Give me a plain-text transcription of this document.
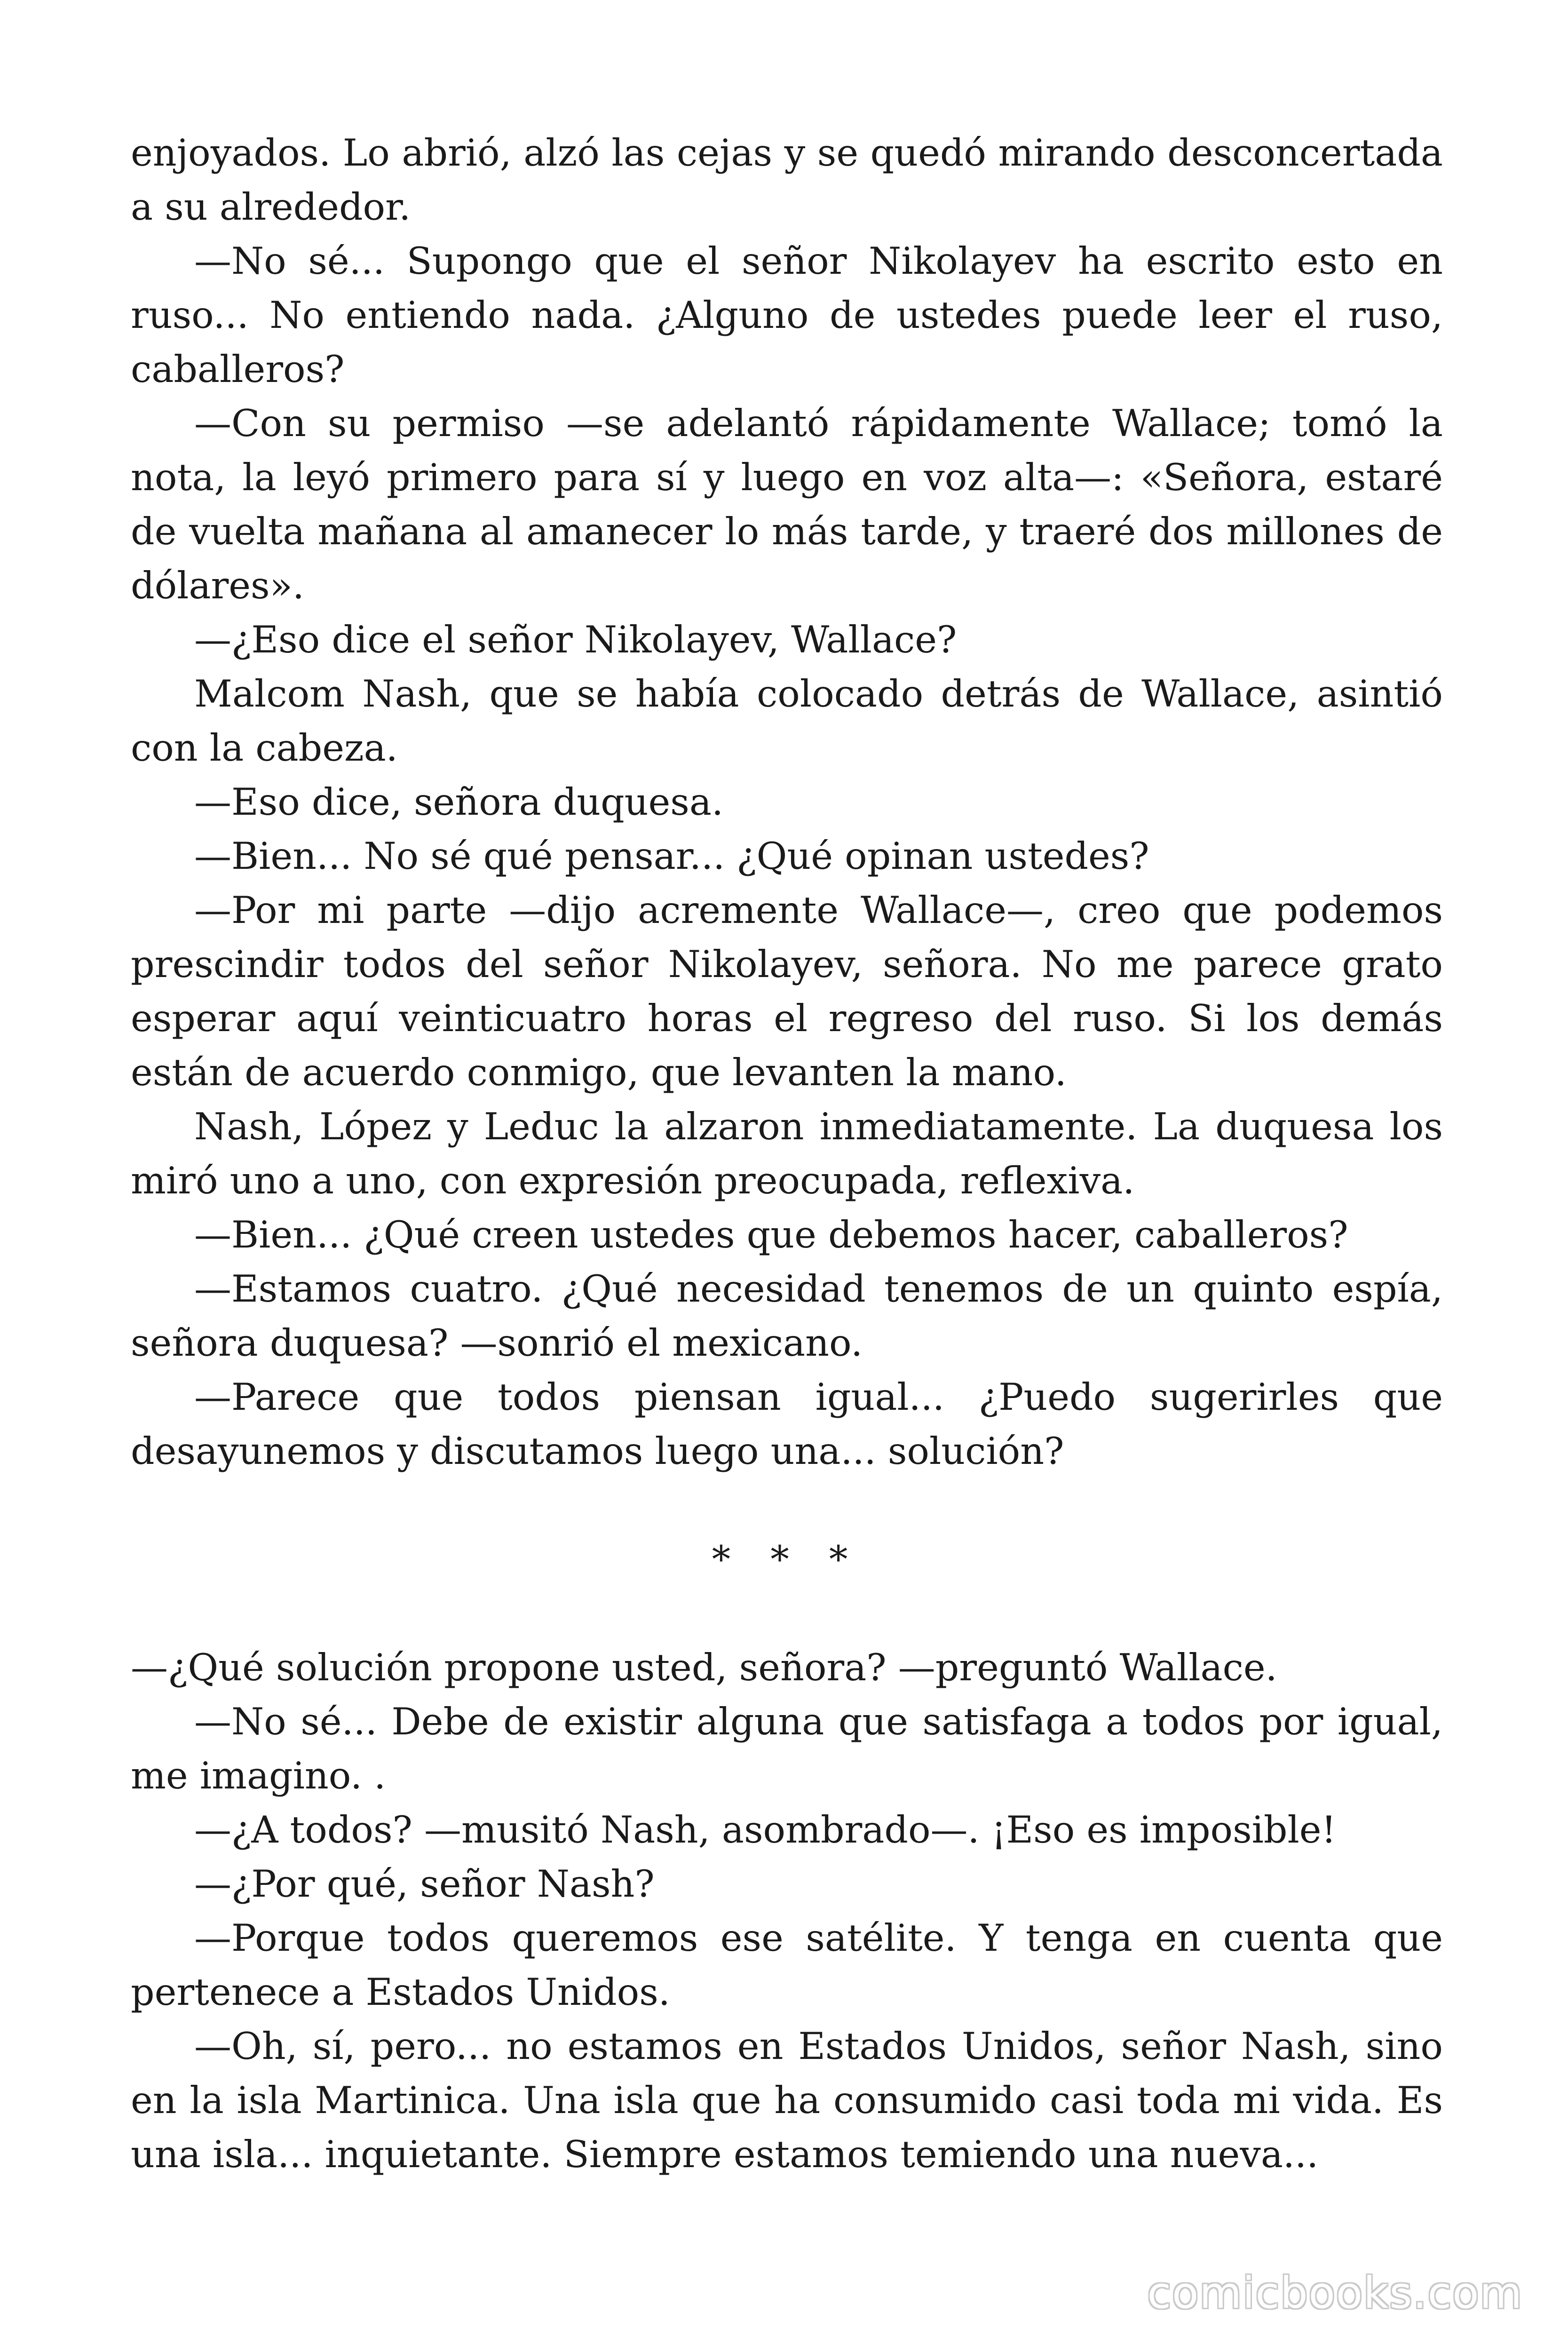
enjoyados. Lo abrió, alzó las cejas y se quedó mirando desconcertada a su alrededor.

—No sé... Supongo que el señor Nikolayev ha escrito esto en ruso... No entiendo nada. ¿Alguno de ustedes puede leer el ruso, caballeros?

—Con su permiso —se adelantó rápidamente Wallace; tomó la nota, la leyó primero para sí y luego en voz alta—: «Señora, estaré de vuelta mañana al amanecer lo más tarde, y traeré dos millones de dólares».

—¿Eso dice el señor Nikolayev, Wallace?

Malcom Nash, que se había colocado detrás de Wallace, asintió con la cabeza.

—Eso dice, señora duquesa.

—Bien... No sé qué pensar... ¿Qué opinan ustedes?

—Por mi parte —dijo acremente Wallace—, creo que podemos prescindir todos del señor Nikolayev, señora. No me parece grato esperar aquí veinticuatro horas el regreso del ruso. Si los demás están de acuerdo conmigo, que levanten la mano.

Nash, López y Leduc la alzaron inmediatamente. La duquesa los miró uno a uno, con expresión preocupada, reflexiva.

—Bien... ¿Qué creen ustedes que debemos hacer, caballeros?

—Estamos cuatro. ¿Qué necesidad tenemos de un quinto espía, señora duquesa? —sonrió el mexicano.

—Parece que todos piensan igual... ¿Puedo sugerirles que desayunemos y discutamos luego una... solución?

* * *

—¿Qué solución propone usted, señora? —preguntó Wallace.

—No sé... Debe de existir alguna que satisfaga a todos por igual, me imagino. .

—¿A todos? —musitó Nash, asombrado—. ¡Eso es imposible!

—¿Por qué, señor Nash?

—Porque todos queremos ese satélite. Y tenga en cuenta que pertenece a Estados Unidos.

—Oh, sí, pero... no estamos en Estados Unidos, señor Nash, sino en la isla Martinica. Una isla que ha consumido casi toda mi vida. Es una isla... inquietante. Siempre estamos temiendo una nueva...

comicbooks.com
